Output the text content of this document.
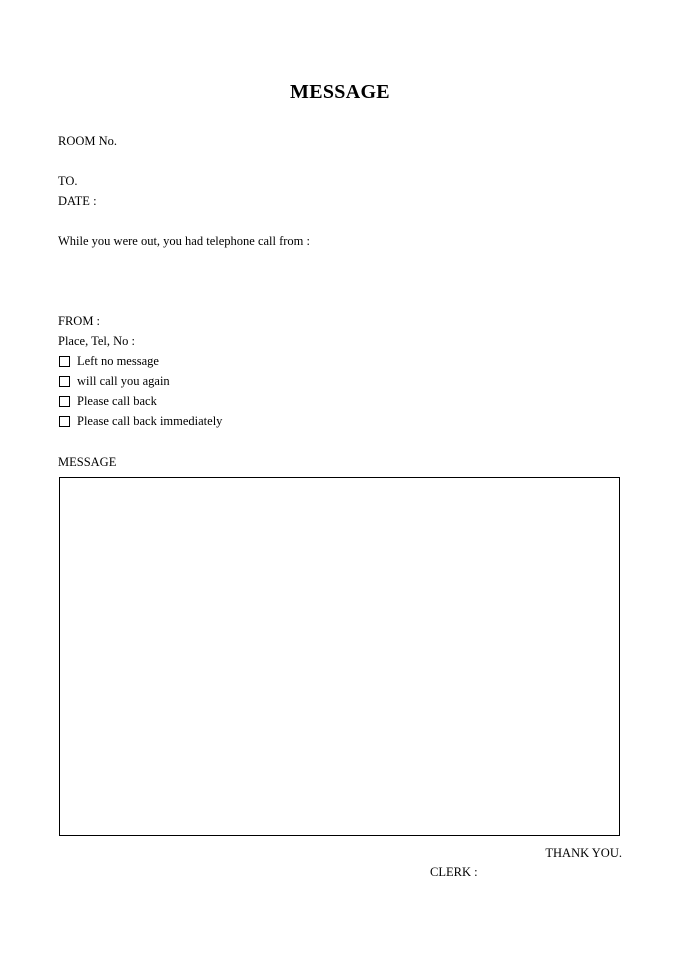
MESSAGE
ROOM No.
TO.
DATE :
While you were out, you had telephone call from :
FROM :
Place, Tel, No :
Left no message
will call you again
Please call back
Please call back immediately
MESSAGE
THANK YOU.
CLERK :
